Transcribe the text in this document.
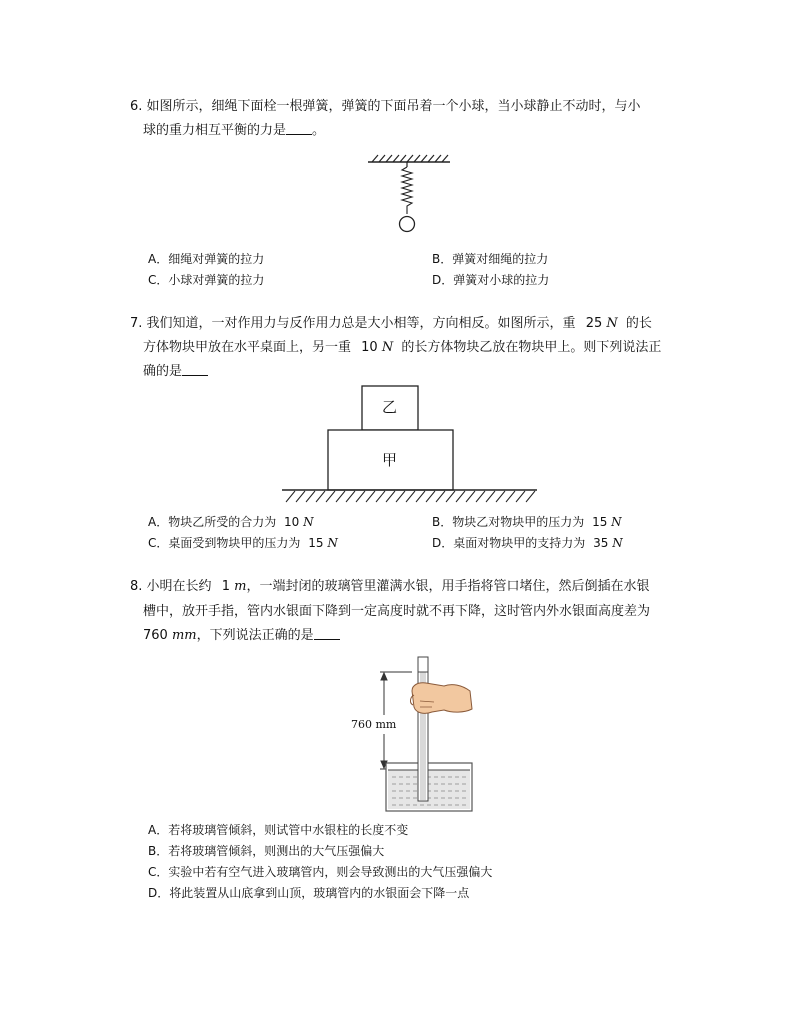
6. 如图所示，细绳下面栓一根弹簧，弹簧的下面吊着一个小球，当小球静止不动时，与小
球的重力相互平衡的力是 。
A．细绳对弹簧的拉力	B．弹簧对细绳的拉力
C．小球对弹簧的拉力	D．弹簧对小球的拉力
7. 我们知道，一对作用力与反作用力总是大小相等，方向相反。如图所示，重 25 N 的长
方体物块甲放在水平桌面上，另一重 10 N 的长方体物块乙放在物块甲上。则下列说法正
确的是
乙
甲
A．物块乙所受的合力为 10 N	B．物块乙对物块甲的压力为 15 N
C．桌面受到物块甲的压力为 15 N	D．桌面对物块甲的支持力为 35 N
8. 小明在长约 1 m，一端封闭的玻璃管里灌满水银，用手指将管口堵住，然后倒插在水银
槽中，放开手指，管内水银面下降到一定高度时就不再下降，这时管内外水银面高度差为
760 mm，下列说法正确的是
760 mm
A．若将玻璃管倾斜，则试管中水银柱的长度不变
B．若将玻璃管倾斜，则测出的大气压强偏大
C．实验中若有空气进入玻璃管内，则会导致测出的大气压强偏大
D．将此装置从山底拿到山顶，玻璃管内的水银面会下降一点
